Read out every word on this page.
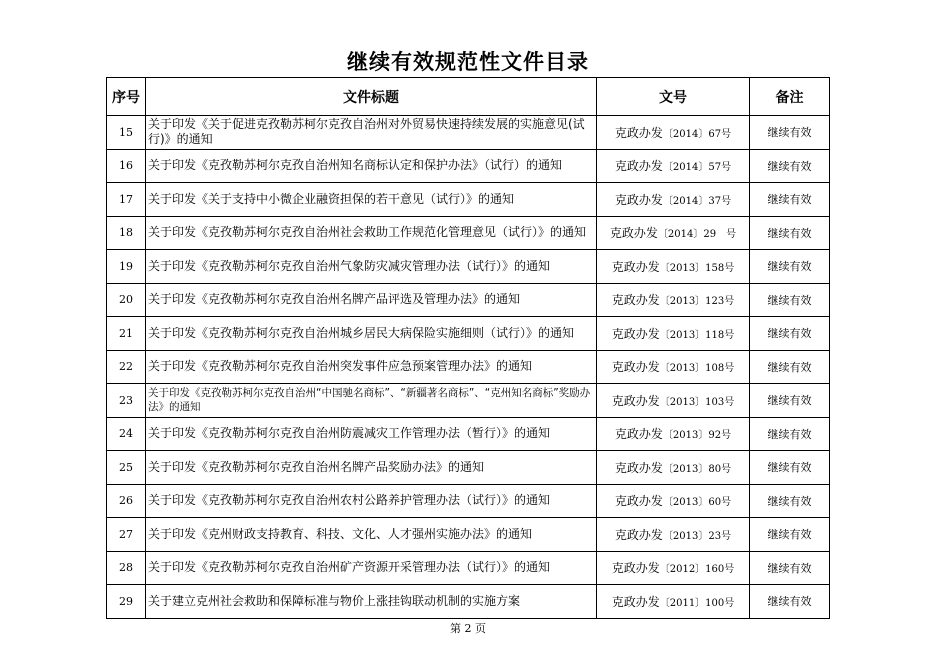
继续有效规范性文件目录
序号	文件标题	文号	备注
15	关于印发《关于促进克孜勒苏柯尔克孜自治州对外贸易快速持续发展的实施意见(试行)》的通知	克政办发〔2014〕67号	继续有效
16	关于印发《克孜勒苏柯尔克孜自治州知名商标认定和保护办法》（试行）的通知	克政办发〔2014〕57号	继续有效
17	关于印发《关于支持中小微企业融资担保的若干意见（试行）》的通知	克政办发〔2014〕37号	继续有效
18	关于印发《克孜勒苏柯尔克孜自治州社会救助工作规范化管理意见（试行）》的通知	克政办发〔2014〕29　号	继续有效
19	关于印发《克孜勒苏柯尔克孜自治州气象防灾减灾管理办法（试行）》的通知	克政办发〔2013〕158号	继续有效
20	关于印发《克孜勒苏柯尔克孜自治州名牌产品评选及管理办法》的通知	克政办发〔2013〕123号	继续有效
21	关于印发《克孜勒苏柯尔克孜自治州城乡居民大病保险实施细则（试行）》的通知	克政办发〔2013〕118号	继续有效
22	关于印发《克孜勒苏柯尔克孜自治州突发事件应急预案管理办法》的通知	克政办发〔2013〕108号	继续有效
23	关于印发《克孜勒苏柯尔克孜自治州“中国驰名商标”、“新疆著名商标”、“克州知名商标”奖励办法》的通知	克政办发〔2013〕103号	继续有效
24	关于印发《克孜勒苏柯尔克孜自治州防震减灾工作管理办法（暂行）》的通知	克政办发〔2013〕92号	继续有效
25	关于印发《克孜勒苏柯尔克孜自治州名牌产品奖励办法》的通知	克政办发〔2013〕80号	继续有效
26	关于印发《克孜勒苏柯尔克孜自治州农村公路养护管理办法（试行）》的通知	克政办发〔2013〕60号	继续有效
27	关于印发《克州财政支持教育、科技、文化、人才强州实施办法》的通知	克政办发〔2013〕23号	继续有效
28	关于印发《克孜勒苏柯尔克孜自治州矿产资源开采管理办法（试行）》的通知	克政办发〔2012〕160号	继续有效
29	关于建立克州社会救助和保障标准与物价上涨挂钩联动机制的实施方案	克政办发〔2011〕100号	继续有效
第 2 页
